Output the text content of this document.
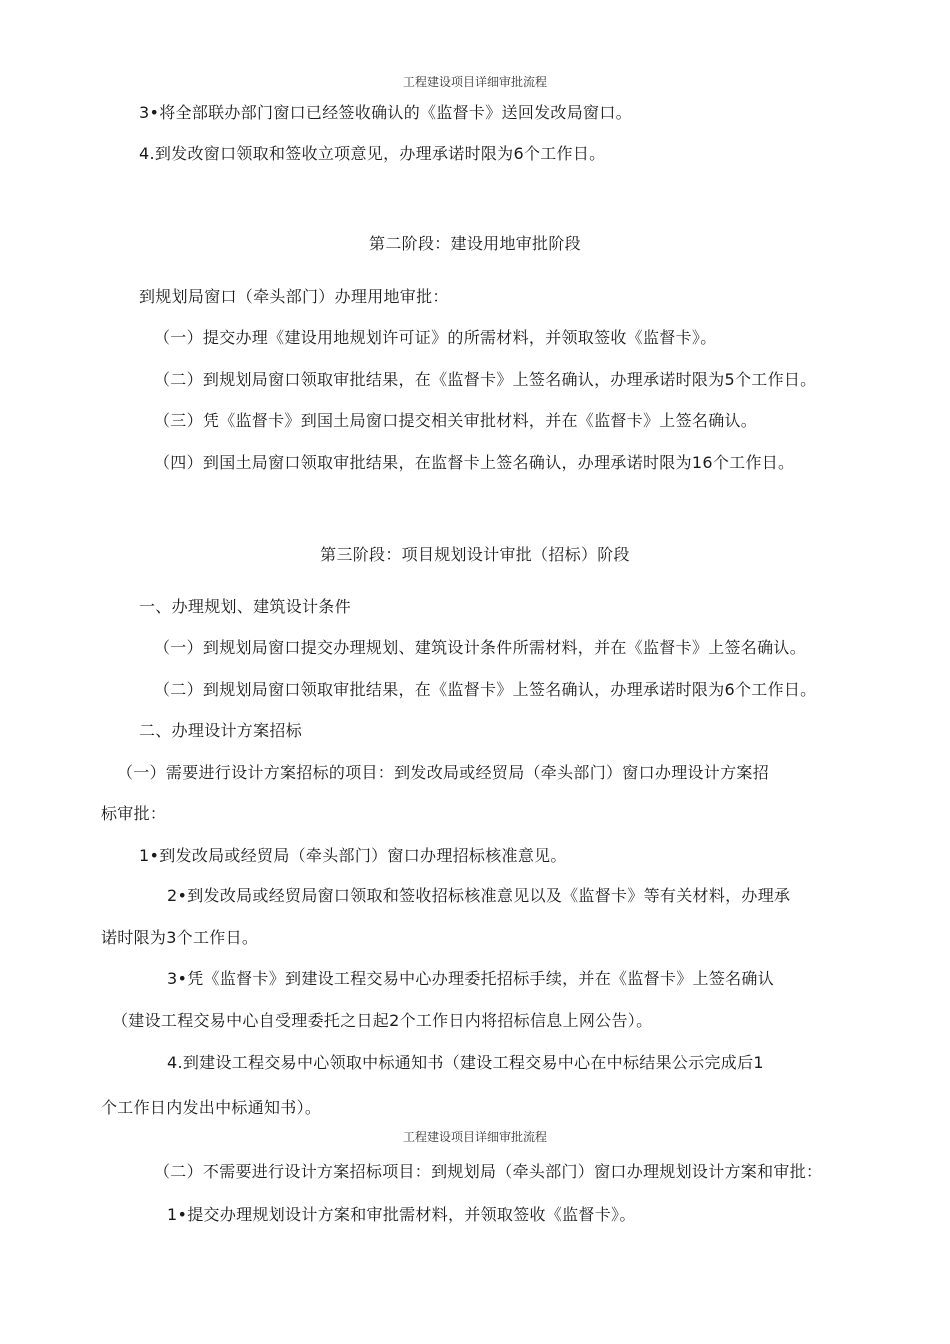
工程建设项目详细审批流程
3•将全部联办部门窗口已经签收确认的《监督卡》送回发改局窗口。
4.到发改窗口领取和签收立项意见，办理承诺时限为6个工作日。
第二阶段：建设用地审批阶段
到规划局窗口（牵头部门）办理用地审批：
（一）提交办理《建设用地规划许可证》的所需材料，并领取签收《监督卡》。
（二）到规划局窗口领取审批结果，在《监督卡》上签名确认，办理承诺时限为5个工作日。
（三）凭《监督卡》到国土局窗口提交相关审批材料，并在《监督卡》上签名确认。
（四）到国土局窗口领取审批结果，在监督卡上签名确认，办理承诺时限为16个工作日。
第三阶段：项目规划设计审批（招标）阶段
一、办理规划、建筑设计条件
（一）到规划局窗口提交办理规划、建筑设计条件所需材料，并在《监督卡》上签名确认。
（二）到规划局窗口领取审批结果，在《监督卡》上签名确认，办理承诺时限为6个工作日。
二、办理设计方案招标
（一）需要进行设计方案招标的项目：到发改局或经贸局（牵头部门）窗口办理设计方案招
标审批：
1•到发改局或经贸局（牵头部门）窗口办理招标核准意见。
2•到发改局或经贸局窗口领取和签收招标核准意见以及《监督卡》等有关材料，办理承
诺时限为3个工作日。
3•凭《监督卡》到建设工程交易中心办理委托招标手续，并在《监督卡》上签名确认
（建设工程交易中心自受理委托之日起2个工作日内将招标信息上网公告）。
4.到建设工程交易中心领取中标通知书（建设工程交易中心在中标结果公示完成后1
个工作日内发出中标通知书）。
工程建设项目详细审批流程
（二）不需要进行设计方案招标项目：到规划局（牵头部门）窗口办理规划设计方案和审批：
1•提交办理规划设计方案和审批需材料，并领取签收《监督卡》。
